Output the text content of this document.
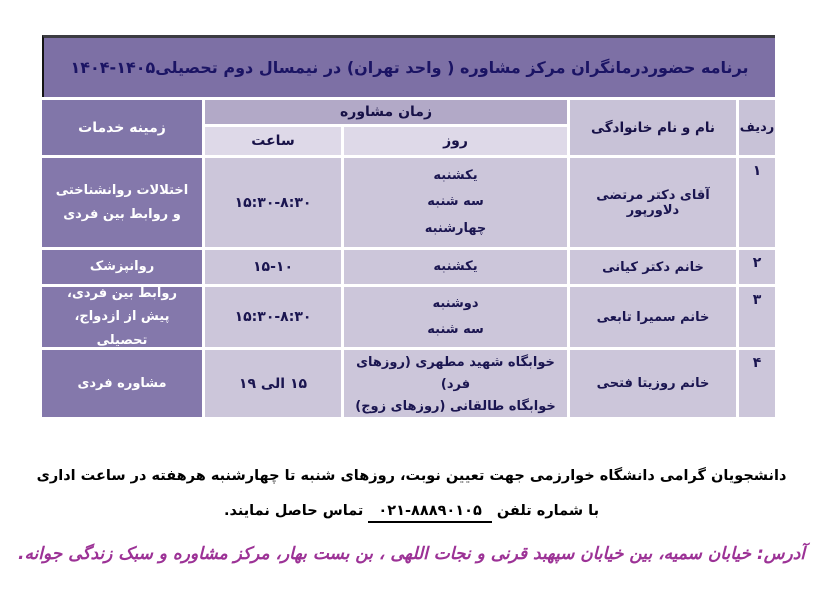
برنامه حضوردرمانگران مرکز مشاوره ( واحد تهران) در نیمسال دوم تحصیلی۱۴۰۵-۱۴۰۴
ردیف
نام و نام خانوادگی
زمان مشاوره
زمینه خدمات
روز
ساعت
۱
آقای دکتر مرتضی دلاورپور
یکشنبه
سه شنبه
چهارشنبه
۱۵:۳۰-۸:۳۰
اختلالات روانشناختی و روابط بین فردی
۲
خانم دکتر کیانی
یکشنبه
۱۵-۱۰
روانپزشک
۳
خانم سمیرا تابعی
دوشنبه
سه شنبه
۱۵:۳۰-۸:۳۰
روابط بین فردی، پیش از ازدواج، تحصیلی
۴
خانم روزیتا فتحی
خوابگاه شهید مطهری (روزهای فرد)
خوابگاه طالقانی (روزهای زوج)
۱۵ الی ۱۹
مشاوره فردی
دانشجویان گرامی دانشگاه خوارزمی جهت تعیین نوبت، روزهای شنبه تا چهارشنبه هرهفته در ساعت اداری
با شماره تلفن ۸۸۸۹۰۱۰۵-۰۲۱ تماس حاصل نمایند.
آدرس: خیابان سمیه، بین خیابان سپهبد قرنی و نجات اللهی ، بن بست بهار، مرکز مشاوره و سبک زندگی جوانه.
